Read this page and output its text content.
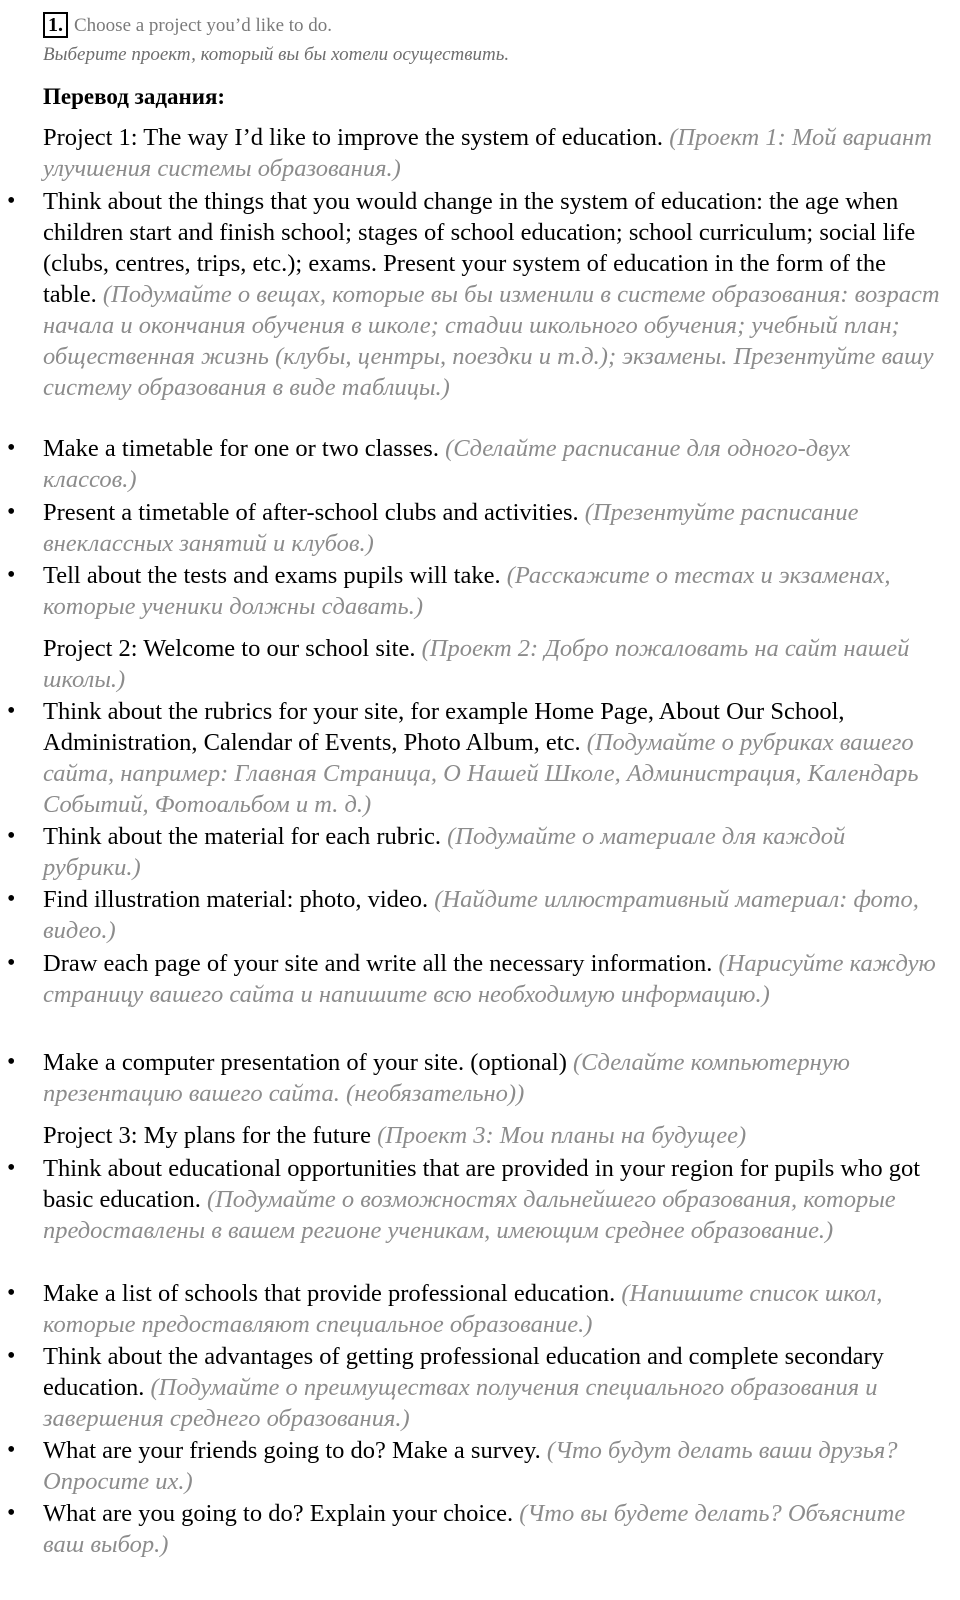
1. Choose a project you’d like to do.
Выберите проект, который вы бы хотели осуществить.
Перевод задания:
Project 1: The way I’d like to improve the system of education. (Проект 1: Мой вариант улучшения системы образования.)
• Think about the things that you would change in the system of education: the age when children start and finish school; stages of school education; school curriculum; social life (clubs, centres, trips, etc.); exams. Present your system of education in the form of the table. (Подумайте о вещах, которые вы бы изменили в системе образования: возраст начала и окончания обучения в школе; стадии школьного обучения; учебный план; общественная жизнь (клубы, центры, поездки и т.д.); экзамены. Презентуйте вашу систему образования в виде таблицы.)
• Make a timetable for one or two classes. (Сделайте расписание для одного-двух классов.)
• Present a timetable of after-school clubs and activities. (Презентуйте расписание внеклассных занятий и клубов.)
• Tell about the tests and exams pupils will take. (Расскажите о тестах и экзаменах, которые ученики должны сдавать.)
Project 2: Welcome to our school site. (Проект 2: Добро пожаловать на сайт нашей школы.)
• Think about the rubrics for your site, for example Home Page, About Our School, Administration, Calendar of Events, Photo Album, etc. (Подумайте о рубриках вашего сайта, например: Главная Страница, О Нашей Школе, Администрация, Календарь Событий, Фотоальбом и т. д.)
• Think about the material for each rubric. (Подумайте о материале для каждой рубрики.)
• Find illustration material: photo, video. (Найдите иллюстративный материал: фото, видео.)
• Draw each page of your site and write all the necessary information. (Нарисуйте каждую страницу вашего сайта и напишите всю необходимую информацию.)
• Make a computer presentation of your site. (optional) (Сделайте компьютерную презентацию вашего сайта. (необязательно))
Project 3: My plans for the future (Проект 3: Мои планы на будущее)
• Think about educational opportunities that are provided in your region for pupils who got basic education. (Подумайте о возможностях дальнейшего образования, которые предоставлены в вашем регионе ученикам, имеющим среднее образование.)
• Make a list of schools that provide professional education. (Напишите список школ, которые предоставляют специальное образование.)
• Think about the advantages of getting professional education and complete secondary education. (Подумайте о преимуществах получения специального образования и завершения среднего образования.)
• What are your friends going to do? Make a survey. (Что будут делать ваши друзья? Опросите их.)
• What are you going to do? Explain your choice. (Что вы будете делать? Объясните ваш выбор.)
